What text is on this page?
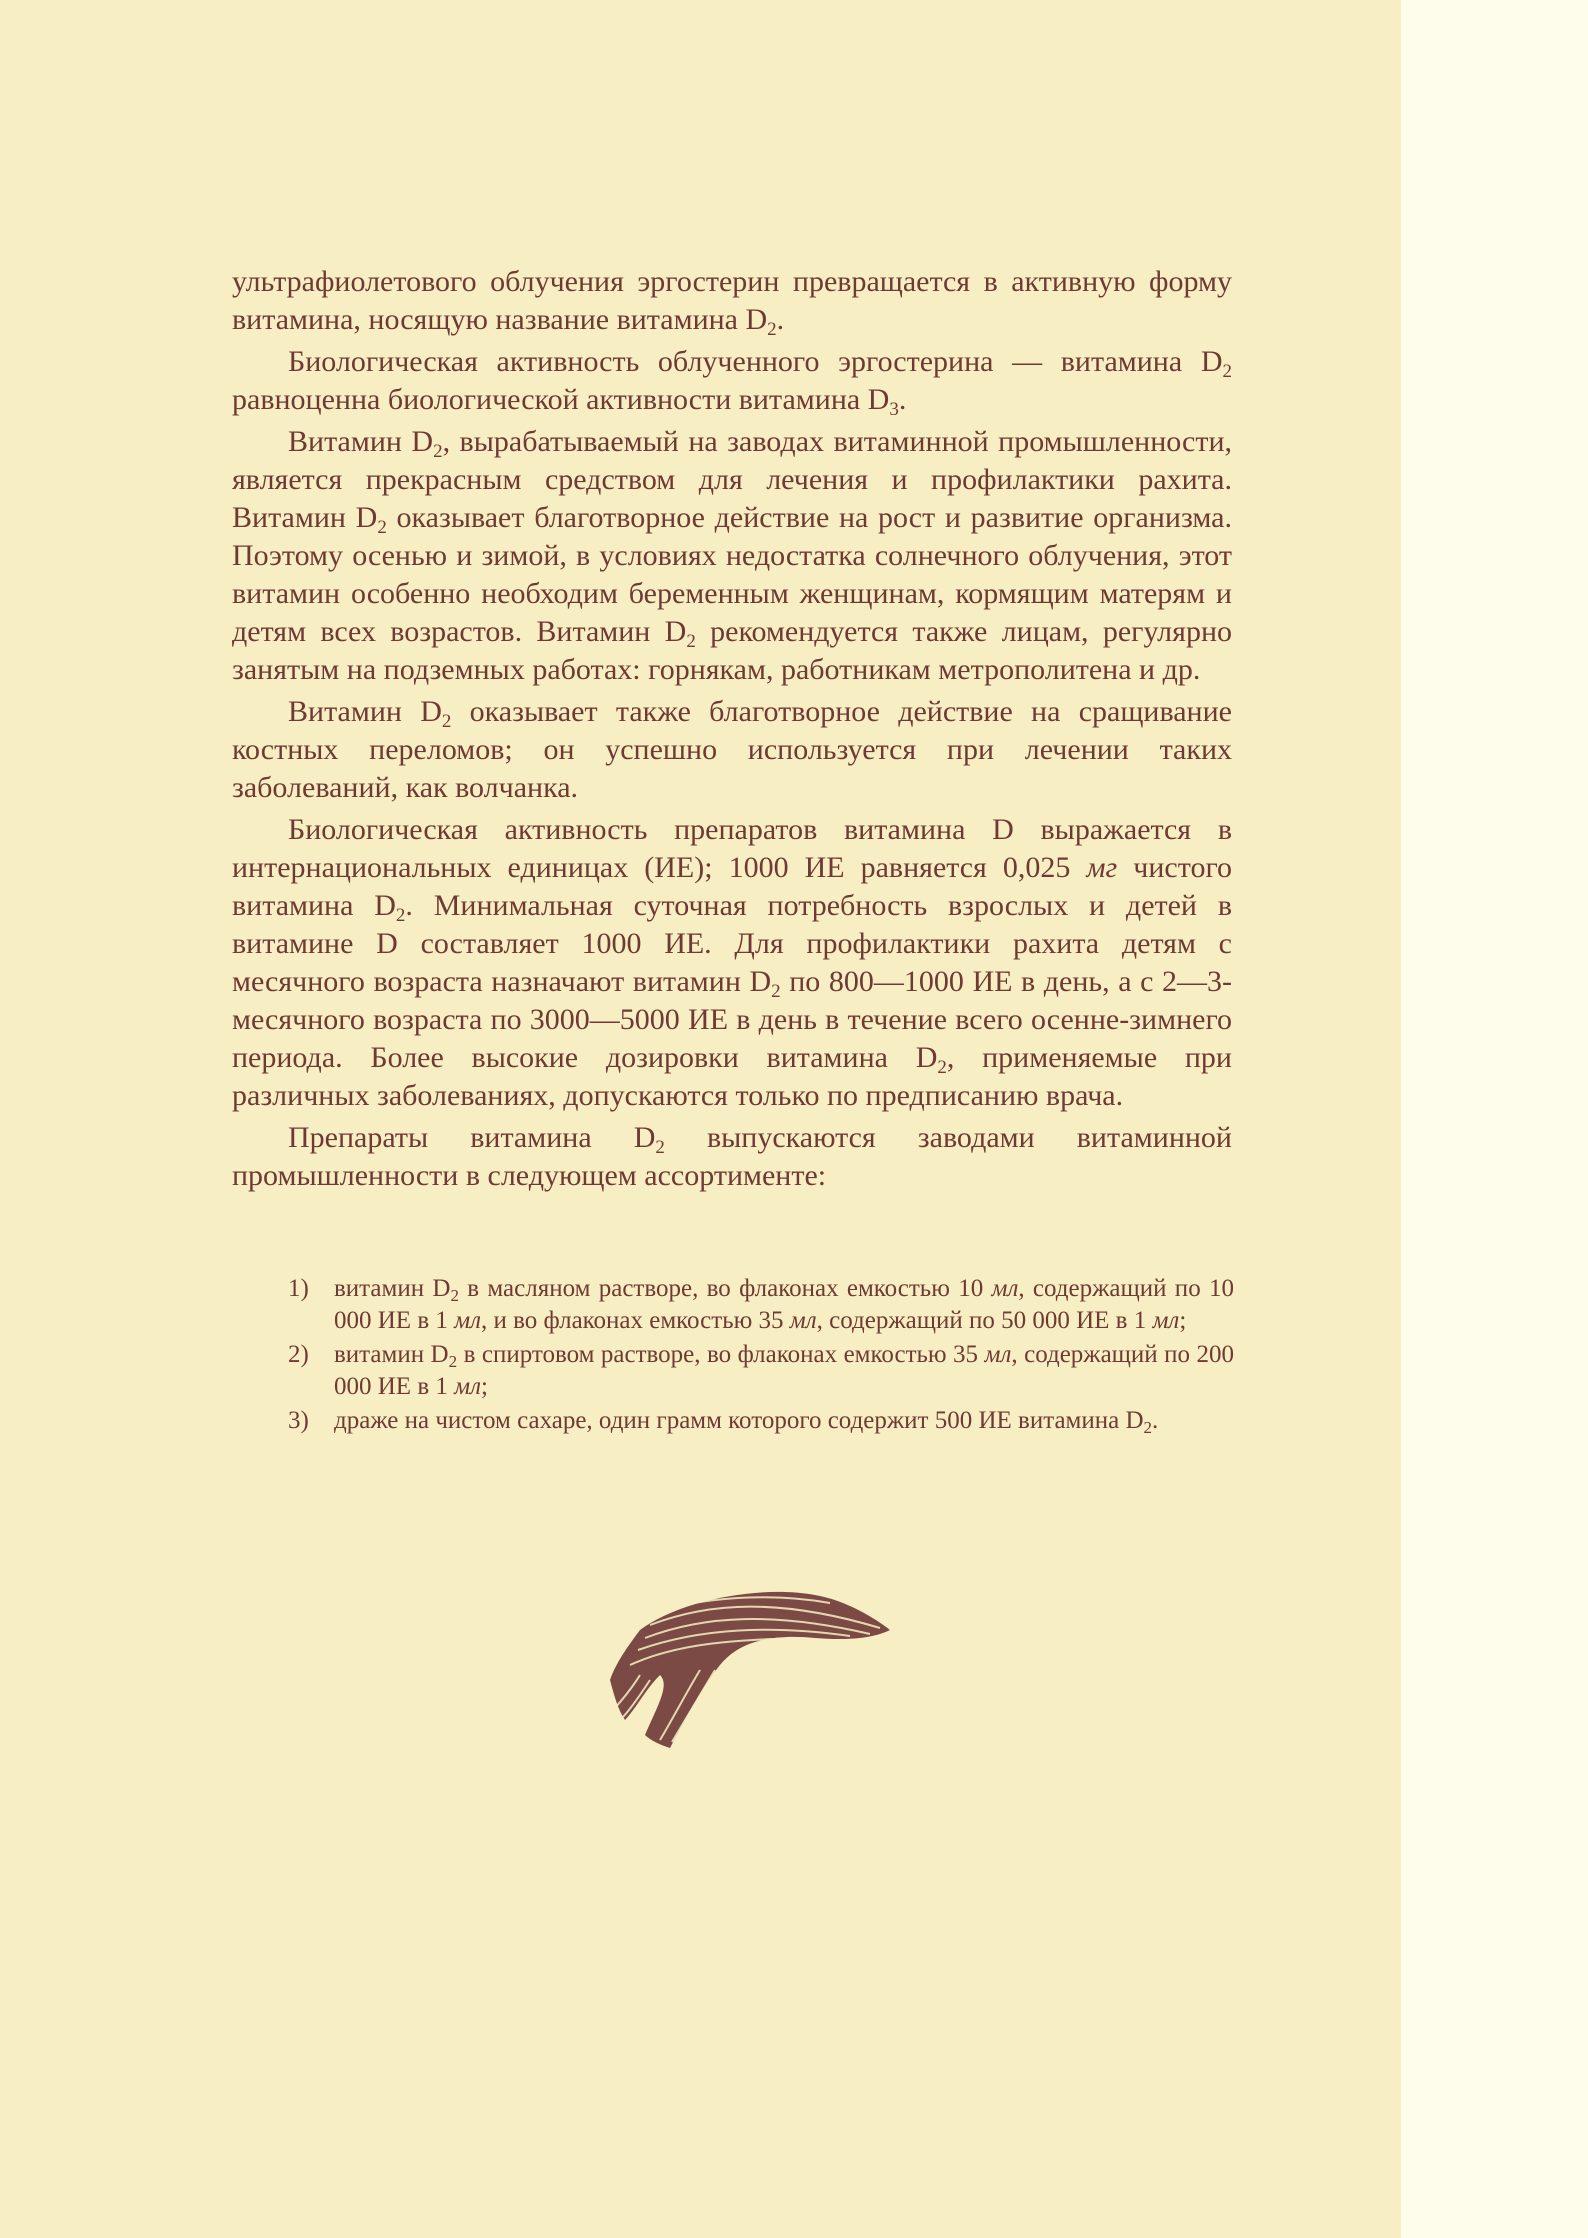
ультрафиолетового облучения эргостерин превращается в активную форму витамина, носящую название витамина $D_2$.

Биологическая активность облученного эргостерина — витамина $D_2$ равноценна биологической активности витамина $D_3$.

Витамин $D_2$, вырабатываемый на заводах витаминной промышленности, является прекрасным средством для лечения и профилактики рахита. Витамин $D_2$ оказывает благотворное действие на рост и развитие организма. Поэтому осенью и зимой, в условиях недостатка солнечного облучения, этот витамин особенно необходим беременным женщинам, кормящим матерям и детям всех возрастов. Витамин $D_2$ рекомендуется также лицам, регулярно занятым на подземных работах: горнякам, работникам метрополитена и др.

Витамин $D_2$ оказывает также благотворное действие на сращивание костных переломов; он успешно используется при лечении таких заболеваний, как волчанка.

Биологическая активность препаратов витамина D выражается в интернациональных единицах (ИЕ); 1000 ИЕ равняется 0,025 мг чистого витамина $D_2$. Минимальная суточная потребность взрослых и детей в витамине D составляет 1000 ИЕ. Для профилактики рахита детям с месячного возраста назначают витамин $D_2$ по 800—1000 ИЕ в день, а с 2—3-месячного возраста по 3000—5000 ИЕ в день в течение всего осенне-зимнего периода. Более высокие дозировки витамина $D_2$, применяемые при различных заболеваниях, допускаются только по предписанию врача.

Препараты витамина $D_2$ выпускаются заводами витаминной промышленности в следующем ассортименте:

1)	витамин $D_2$ в масляном растворе, во флаконах емкостью 10 мл, содержащий по 10 000 ИЕ в 1 мл, и во флаконах емкостью 35 мл, содержащий по 50 000 ИЕ в 1 мл;
2)	витамин $D_2$ в спиртовом растворе, во флаконах емкостью 35 мл, содержащий по 200 000 ИЕ в 1 мл;
3)	драже на чистом сахаре, один грамм которого содержит 500 ИЕ витамина $D_2$.
